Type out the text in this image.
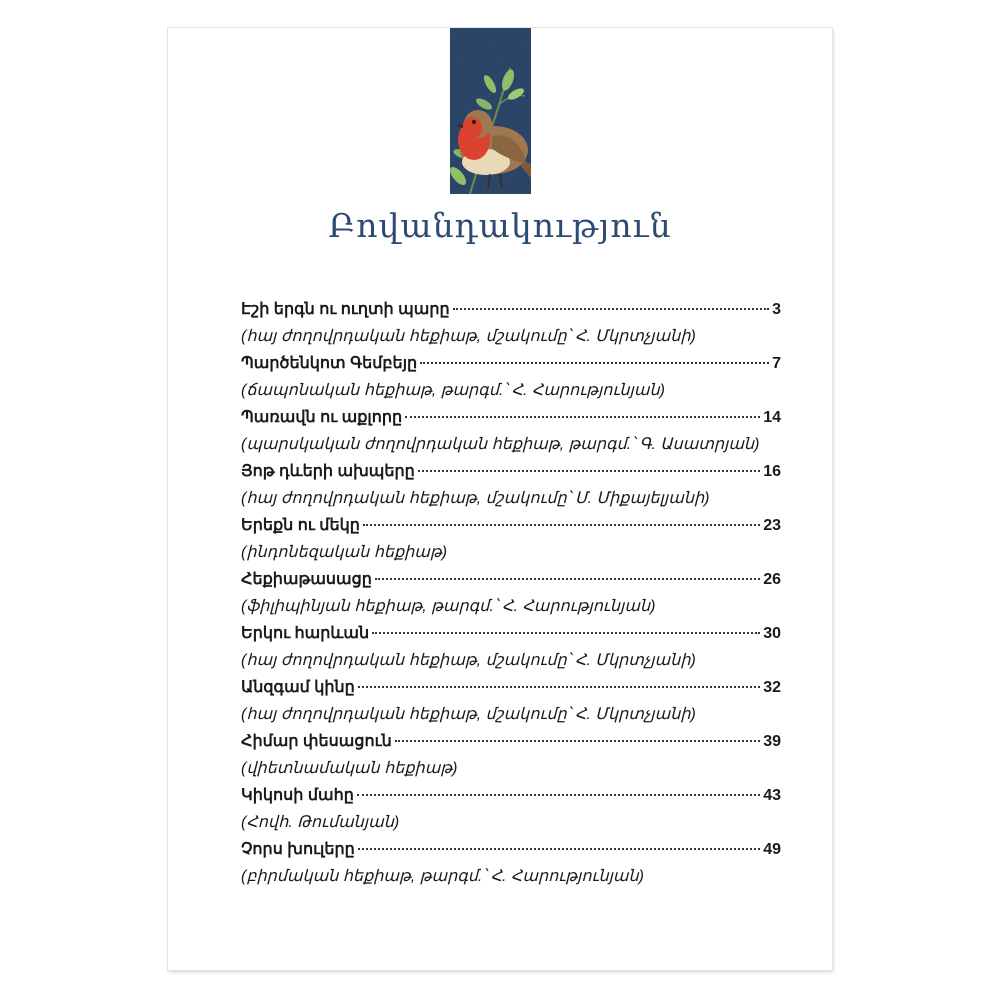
Բովանդակություն
Էշի երգն ու ուղտի պարը	3
(հայ ժողովրդական հեքիաթ, մշակումը՝ Հ. Մկրտչյանի)
Պարծենկոտ Գեմբեյը	7
(ճապոնական հեքիաթ, թարգմ.՝ Հ. Հարությունյան)
Պառավն ու աքլորը	14
(պարսկական ժողովրդական հեքիաթ, թարգմ.՝ Գ. Ասատրյան)
Յոթ դևերի ախպերը	16
(հայ ժողովրդական հեքիաթ, մշակումը՝ Մ. Միքայելյանի)
Երեքն ու մեկը	23
(ինդոնեզական հեքիաթ)
Հեքիաթասացը	26
(ֆիլիպինյան հեքիաթ, թարգմ.՝ Հ. Հարությունյան)
Երկու հարևան	30
(հայ ժողովրդական հեքիաթ, մշակումը՝ Հ. Մկրտչյանի)
Անզգամ կինը	32
(հայ ժողովրդական հեքիաթ, մշակումը՝ Հ. Մկրտչյանի)
Հիմար փեսացուն	39
(վիետնամական հեքիաթ)
Կիկոսի մահը	43
(Հովհ. Թումանյան)
Չորս խուլերը	49
(բիրմական հեքիաթ, թարգմ.՝ Հ. Հարությունյան)
